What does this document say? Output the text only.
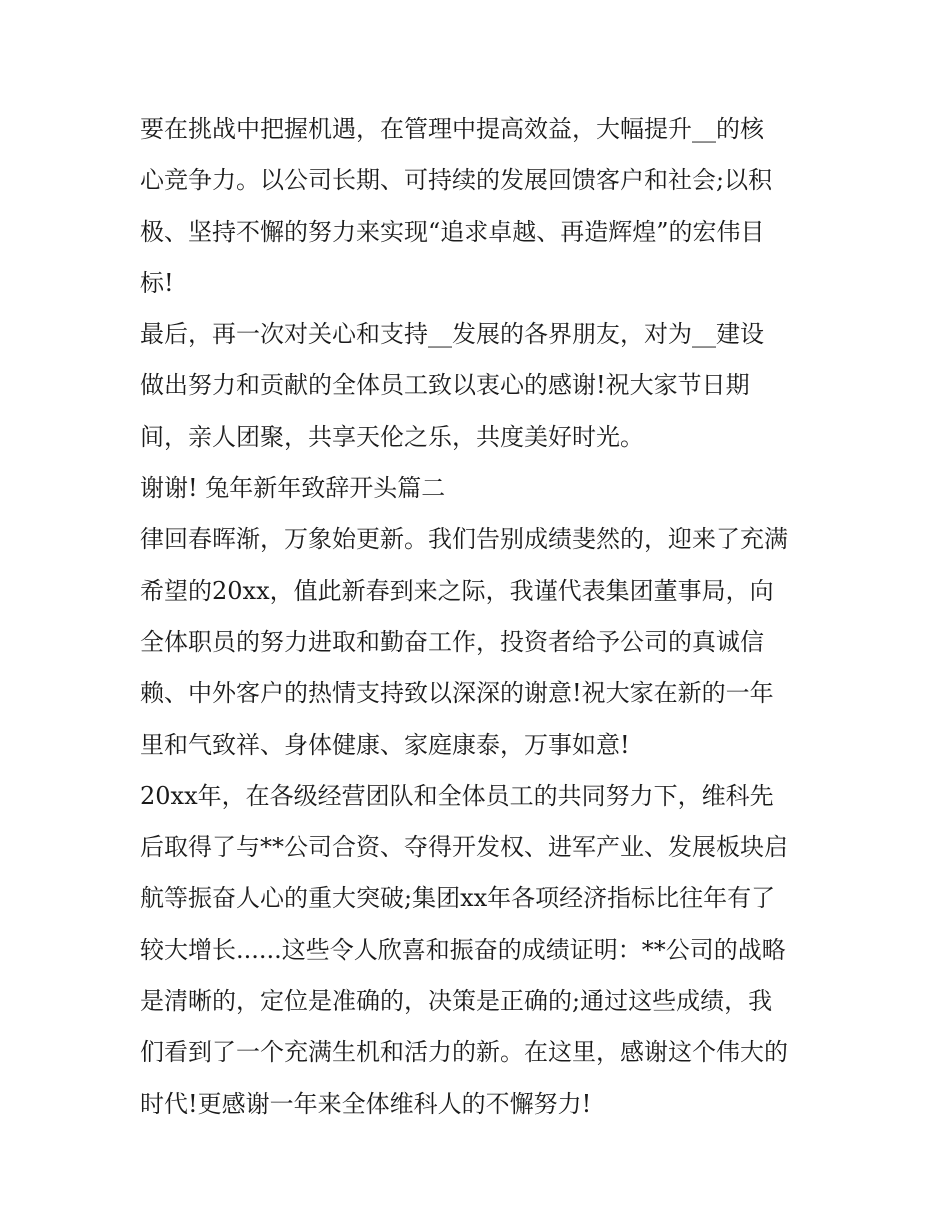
要在挑战中把握机遇，在管理中提高效益，大幅提升__的核
心竞争力。以公司长期、可持续的发展回馈客户和社会;以积
极、坚持不懈的努力来实现“追求卓越、再造辉煌”的宏伟目
标!
最后，再一次对关心和支持__发展的各界朋友，对为__建设
做出努力和贡献的全体员工致以衷心的感谢!祝大家节日期
间，亲人团聚，共享天伦之乐，共度美好时光。
谢谢! 兔年新年致辞开头篇二
律回春晖渐，万象始更新。我们告别成绩斐然的，迎来了充满
希望的20xx，值此新春到来之际，我谨代表集团董事局，向
全体职员的努力进取和勤奋工作，投资者给予公司的真诚信
赖、中外客户的热情支持致以深深的谢意!祝大家在新的一年
里和气致祥、身体健康、家庭康泰，万事如意!
20xx年，在各级经营团队和全体员工的共同努力下，维科先
后取得了与**公司合资、夺得开发权、进军产业、发展板块启
航等振奋人心的重大突破;集团xx年各项经济指标比往年有了
较大增长......这些令人欣喜和振奋的成绩证明：**公司的战略
是清晰的，定位是准确的，决策是正确的;通过这些成绩，我
们看到了一个充满生机和活力的新。在这里，感谢这个伟大的
时代!更感谢一年来全体维科人的不懈努力!
